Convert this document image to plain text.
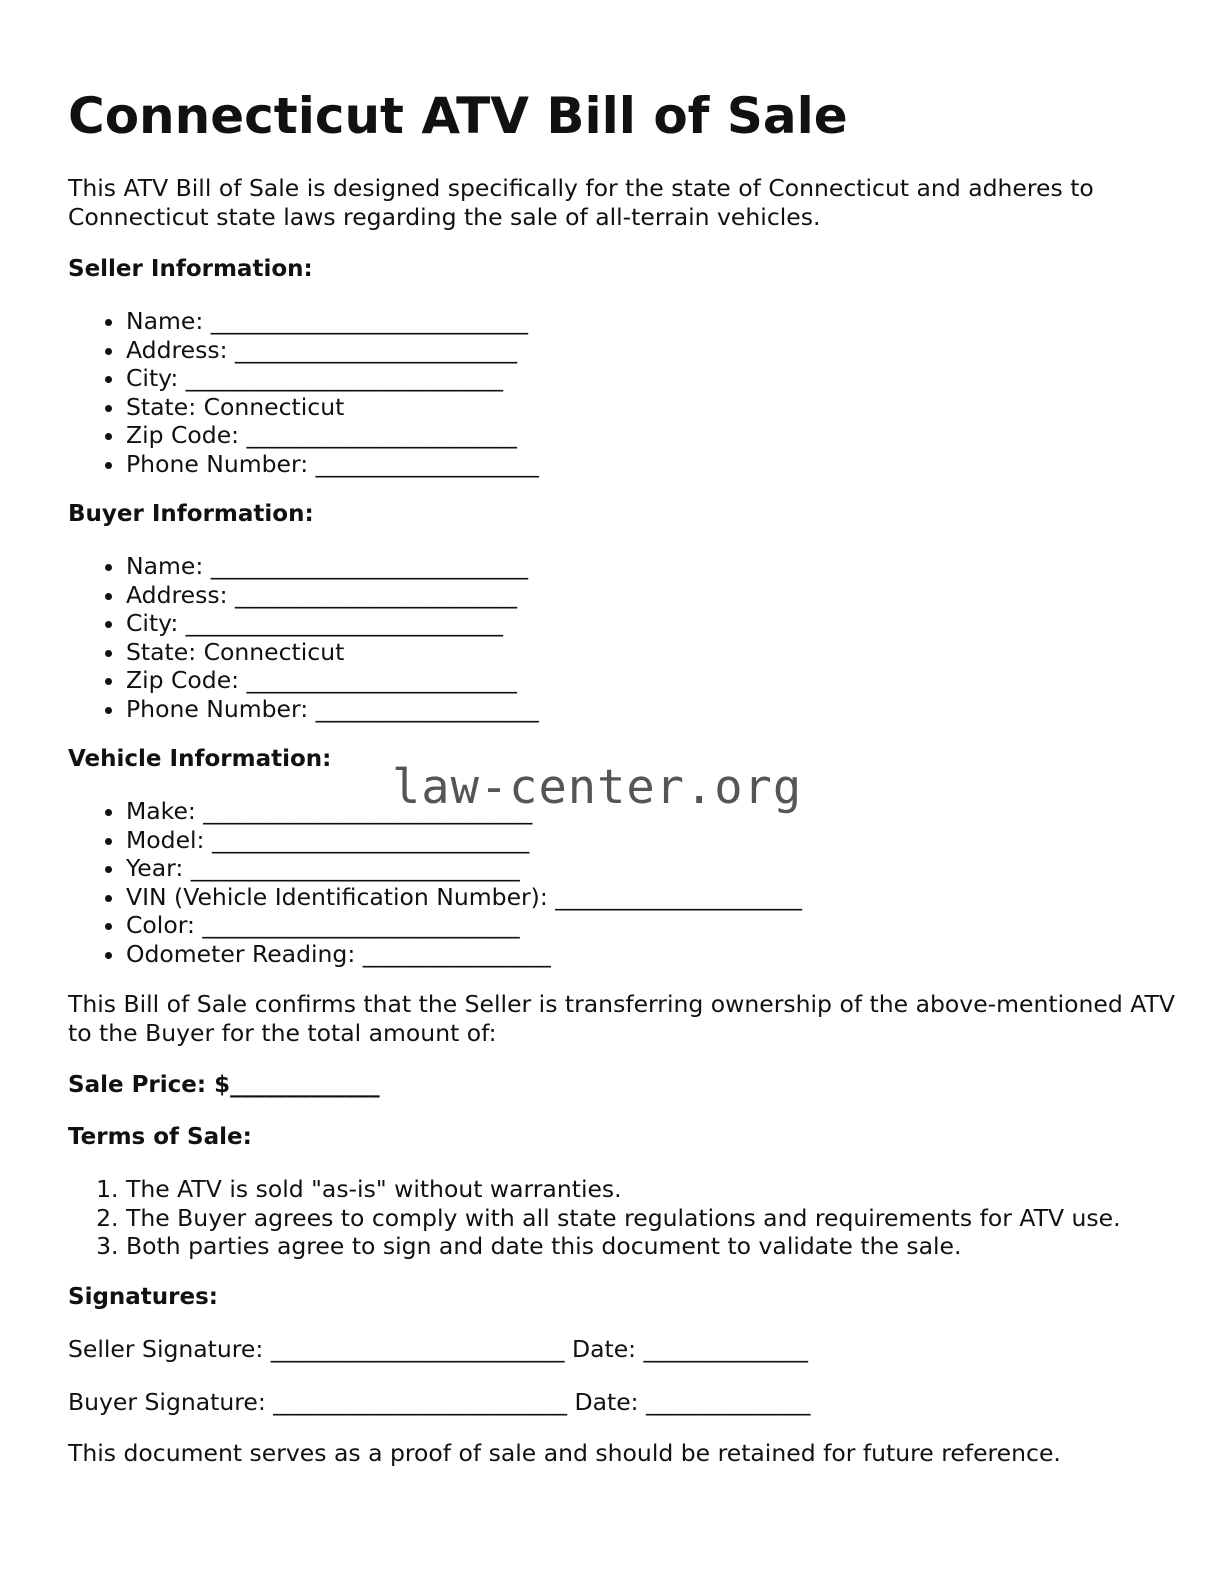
Connecticut ATV Bill of Sale

This ATV Bill of Sale is designed specifically for the state of Connecticut and adheres to Connecticut state laws regarding the sale of all-terrain vehicles.

Seller Information:

• Name: ___________________________
• Address: ________________________
• City: ___________________________
• State: Connecticut
• Zip Code: _______________________
• Phone Number: ___________________

Buyer Information:

• Name: ___________________________
• Address: ________________________
• City: ___________________________
• State: Connecticut
• Zip Code: _______________________
• Phone Number: ___________________

Vehicle Information:

• Make: ____________________________
• Model: ___________________________
• Year: ____________________________
• VIN (Vehicle Identification Number): _____________________
• Color: ___________________________
• Odometer Reading: ________________

This Bill of Sale confirms that the Seller is transferring ownership of the above-mentioned ATV to the Buyer for the total amount of:

Sale Price: $_____________

Terms of Sale:

1. The ATV is sold "as-is" without warranties.
2. The Buyer agrees to comply with all state regulations and requirements for ATV use.
3. Both parties agree to sign and date this document to validate the sale.

Signatures:

Seller Signature: _________________________ Date: ______________

Buyer Signature: _________________________ Date: ______________

This document serves as a proof of sale and should be retained for future reference.

law-center.org
